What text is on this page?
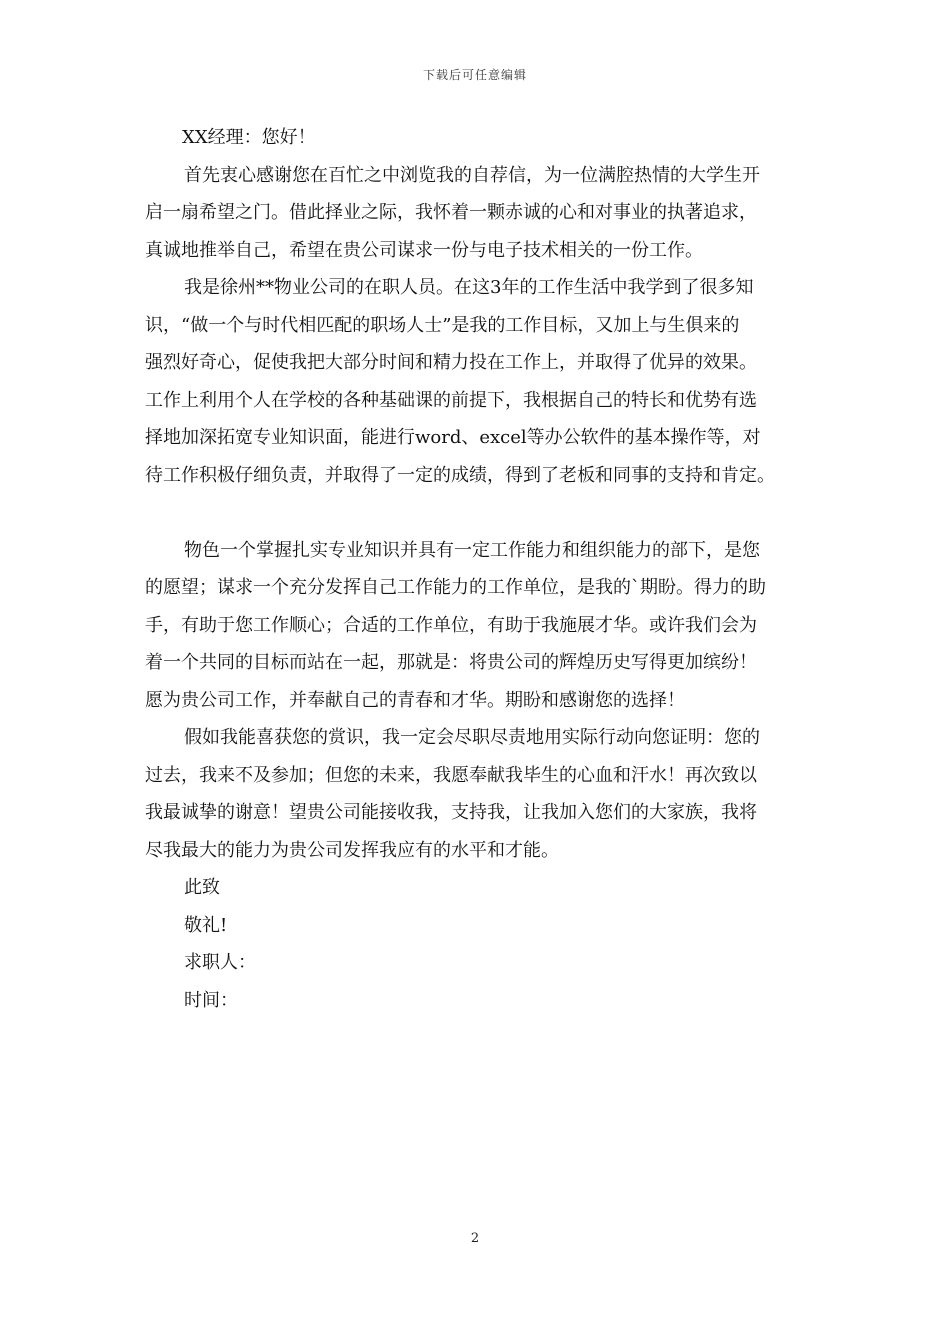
下载后可任意编辑
XX经理：您好！
首先衷心感谢您在百忙之中浏览我的自荐信，为一位满腔热情的大学生开
启一扇希望之门。借此择业之际，我怀着一颗赤诚的心和对事业的执著追求，
真诚地推举自己，希望在贵公司谋求一份与电子技术相关的一份工作。
我是徐州**物业公司的在职人员。在这3年的工作生活中我学到了很多知
识，“做一个与时代相匹配的职场人士”是我的工作目标，又加上与生俱来的
强烈好奇心，促使我把大部分时间和精力投在工作上，并取得了优异的效果。
工作上利用个人在学校的各种基础课的前提下，我根据自己的特长和优势有选
择地加深拓宽专业知识面，能进行word、excel等办公软件的基本操作等，对
待工作积极仔细负责，并取得了一定的成绩，得到了老板和同事的支持和肯定。
物色一个掌握扎实专业知识并具有一定工作能力和组织能力的部下，是您
的愿望；谋求一个充分发挥自己工作能力的工作单位，是我的`期盼。得力的助
手，有助于您工作顺心；合适的工作单位，有助于我施展才华。或许我们会为
着一个共同的目标而站在一起，那就是：将贵公司的辉煌历史写得更加缤纷！
愿为贵公司工作，并奉献自己的青春和才华。期盼和感谢您的选择！
假如我能喜获您的赏识，我一定会尽职尽责地用实际行动向您证明：您的
过去，我来不及参加；但您的未来，我愿奉献我毕生的心血和汗水！再次致以
我最诚挚的谢意！望贵公司能接收我，支持我，让我加入您们的大家族，我将
尽我最大的能力为贵公司发挥我应有的水平和才能。
此致
敬礼!
求职人：
时间：
2
